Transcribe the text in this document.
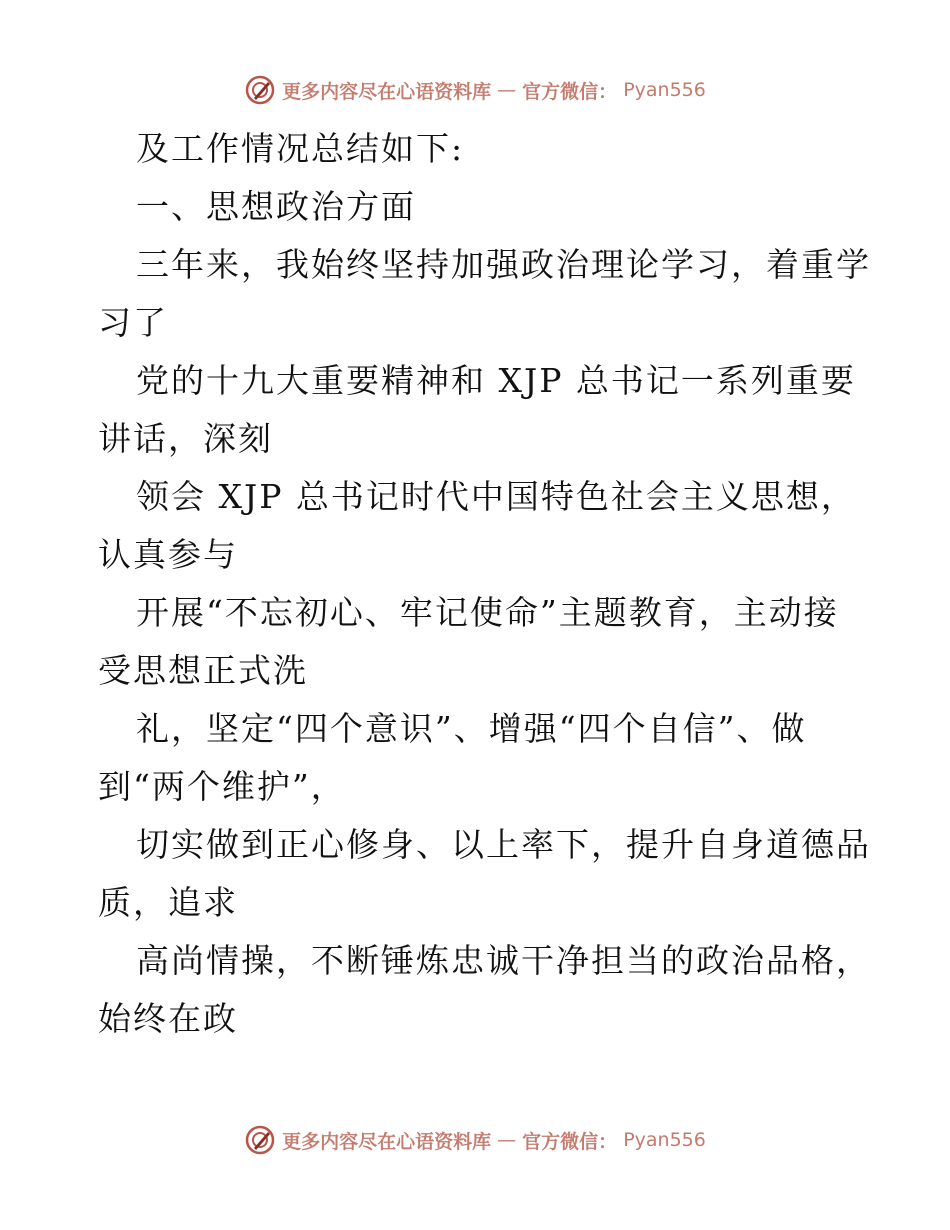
更多内容尽在心语资料库 — 官方微信： Pyan556
及工作情况总结如下:
一、思想政治方面
三年来，我始终坚持加强政治理论学习，着重学
习了
党的十九大重要精神和 XJP 总书记一系列重要
讲话，深刻
领会 XJP 总书记时代中国特色社会主义思想，
认真参与
开展“不忘初心、牢记使命”主题教育，主动接
受思想正式洗
礼，坚定“四个意识”、增强“四个自信”、做
到“两个维护”，
切实做到正心修身、以上率下，提升自身道德品
质，追求
高尚情操，不断锤炼忠诚干净担当的政治品格，
始终在政
更多内容尽在心语资料库 — 官方微信： Pyan556
